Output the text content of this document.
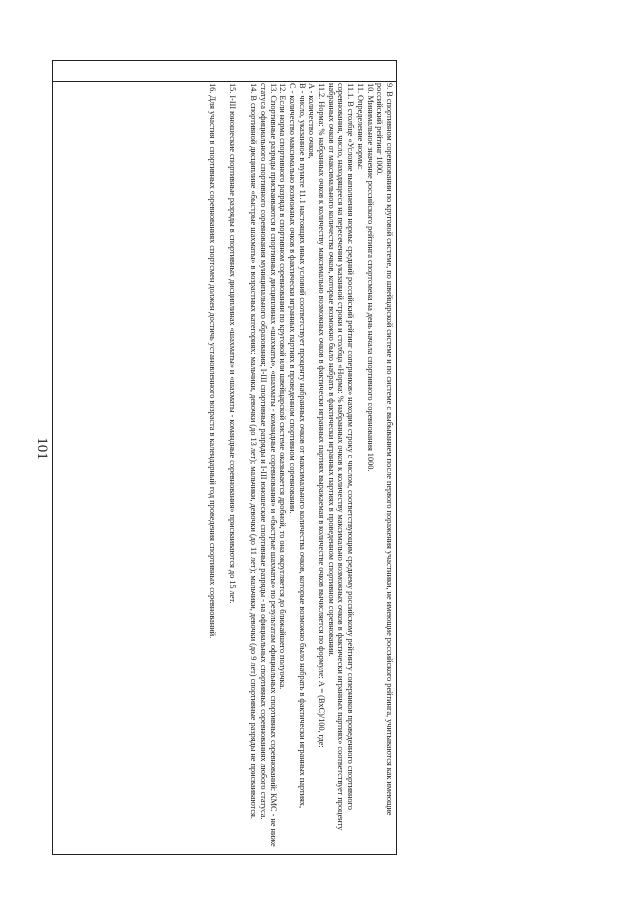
101	9. В спортивном соревновании по круговой системе, по швейцарской системе и по системе с выбыванием после первого поражения участники, не имеющие российского рейтинга, учитываются как имеющие российский рейтинг 1000.

10. Минимальное значение российского рейтинга спортсмена на день начала спортивного соревнования 1000.

11. Определение нормы:

11.1. В столбце «Условие выполнения нормы: средний российский рейтинг соперников» находим строку с числом, соответствующим среднему российскому рейтингу соперников проведенного спортивного соревнования, число, находящееся на пересечении указанной строки и столбца «Норма: % набранных очков к количеству максимально возможных очков в фактически игранных партиях» соответствует проценту набранных очков от максимального количества очков, которые возможно было набрать в фактически игранных партиях в проведенном спортивном соревновании.

11.2. Норма: % набранных очков к количеству максимально возможных очков в фактически игранных партиях выражаемая в количестве очков вычисляется по формуле: A = (BхC)/100, где:

A - количество очков,

B - число, указанное в пункте 11.1 настоящих иных условий соответствует проценту набранных очков от максимального количества очков, которые возможно было набрать в фактически игранных партиях,

C - количество максимально возможных очков в фактически игранных партиях в проведенном спортивном соревновании.

12. Если норма спортивного разряда в спортивном соревновании по круговой или швейцарской системе оказывается дробной, то она округляется до ближайшего полуочка.

13. Спортивные разряды присваиваются в спортивных дисциплинах «шахматы», «шахматы - командные соревнования» и «быстрые шахматы» по результатам официальных спортивных соревнований: КМС - не ниже статуса официального спортивного соревнования муниципального образования; I-III спортивные разряды и I-III юношеские спортивные разряды - на официальных спортивных соревнованиях любого статуса.

14. В спортивной дисциплине «быстрые шахматы» в возрастных категориях: мальчики, девочки (до 13 лет); мальчики, девочки (до 11 лет); мальчики, девочки (до 9 лет) спортивные разряды не присваиваются.

15. I-III юношеские спортивные разряды в спортивных дисциплинах «шахматы» и «шахматы - командные соревнования» присваиваются до 15 лет.

16. Для участия в спортивных соревнованиях спортсмен должен достичь установленного возраста в календарный год проведения спортивных соревнований.
